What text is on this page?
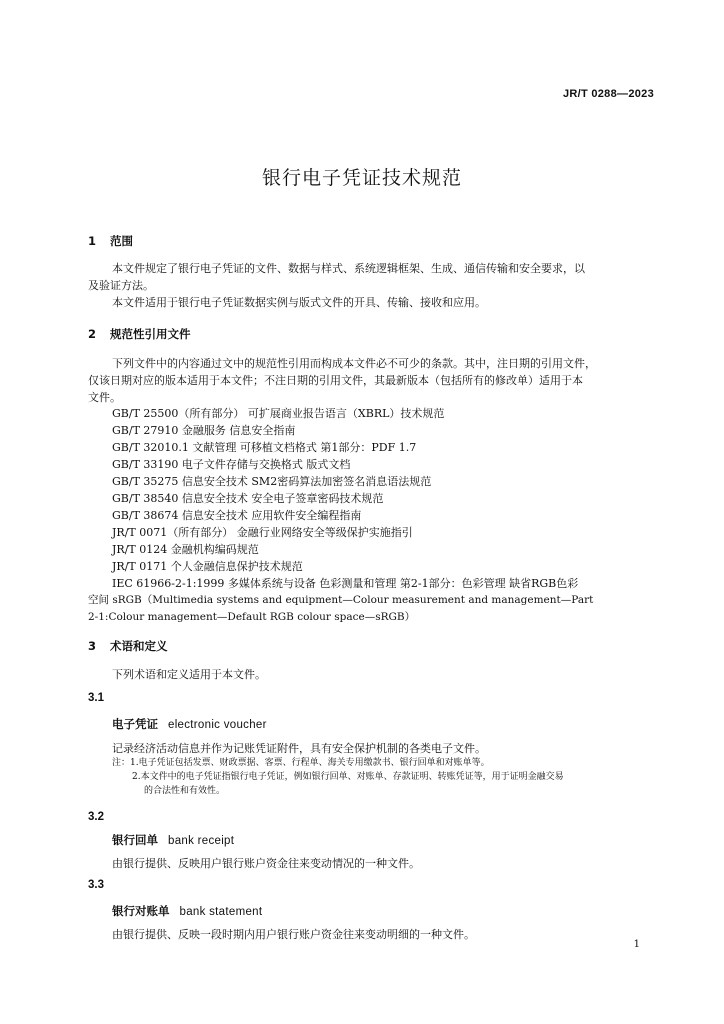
JR/T 0288—2023
银行电子凭证技术规范
1 范围
本文件规定了银行电子凭证的文件、数据与样式、系统逻辑框架、生成、通信传输和安全要求，以
及验证方法。
本文件适用于银行电子凭证数据实例与版式文件的开具、传输、接收和应用。
2 规范性引用文件
下列文件中的内容通过文中的规范性引用而构成本文件必不可少的条款。其中，注日期的引用文件，
仅该日期对应的版本适用于本文件；不注日期的引用文件，其最新版本（包括所有的修改单）适用于本
文件。
GB/T 25500（所有部分） 可扩展商业报告语言（XBRL）技术规范
GB/T 27910 金融服务 信息安全指南
GB/T 32010.1 文献管理 可移植文档格式 第1部分：PDF 1.7
GB/T 33190 电子文件存储与交换格式 版式文档
GB/T 35275 信息安全技术 SM2密码算法加密签名消息语法规范
GB/T 38540 信息安全技术 安全电子签章密码技术规范
GB/T 38674 信息安全技术 应用软件安全编程指南
JR/T 0071（所有部分） 金融行业网络安全等级保护实施指引
JR/T 0124 金融机构编码规范
JR/T 0171 个人金融信息保护技术规范
IEC 61966-2-1:1999 多媒体系统与设备 色彩测量和管理 第2-1部分：色彩管理 缺省RGB色彩
空间 sRGB（Multimedia systems and equipment—Colour measurement and management—Part
2-1:Colour management—Default RGB colour space—sRGB）
3 术语和定义
下列术语和定义适用于本文件。
3.1
电子凭证 electronic voucher
记录经济活动信息并作为记账凭证附件，具有安全保护机制的各类电子文件。
注：1.电子凭证包括发票、财政票据、客票、行程单、海关专用缴款书、银行回单和对账单等。
2.本文件中的电子凭证指银行电子凭证，例如银行回单、对账单、存款证明、转账凭证等，用于证明金融交易
的合法性和有效性。
3.2
银行回单 bank receipt
由银行提供、反映用户银行账户资金往来变动情况的一种文件。
3.3
银行对账单 bank statement
由银行提供、反映一段时期内用户银行账户资金往来变动明细的一种文件。
1
